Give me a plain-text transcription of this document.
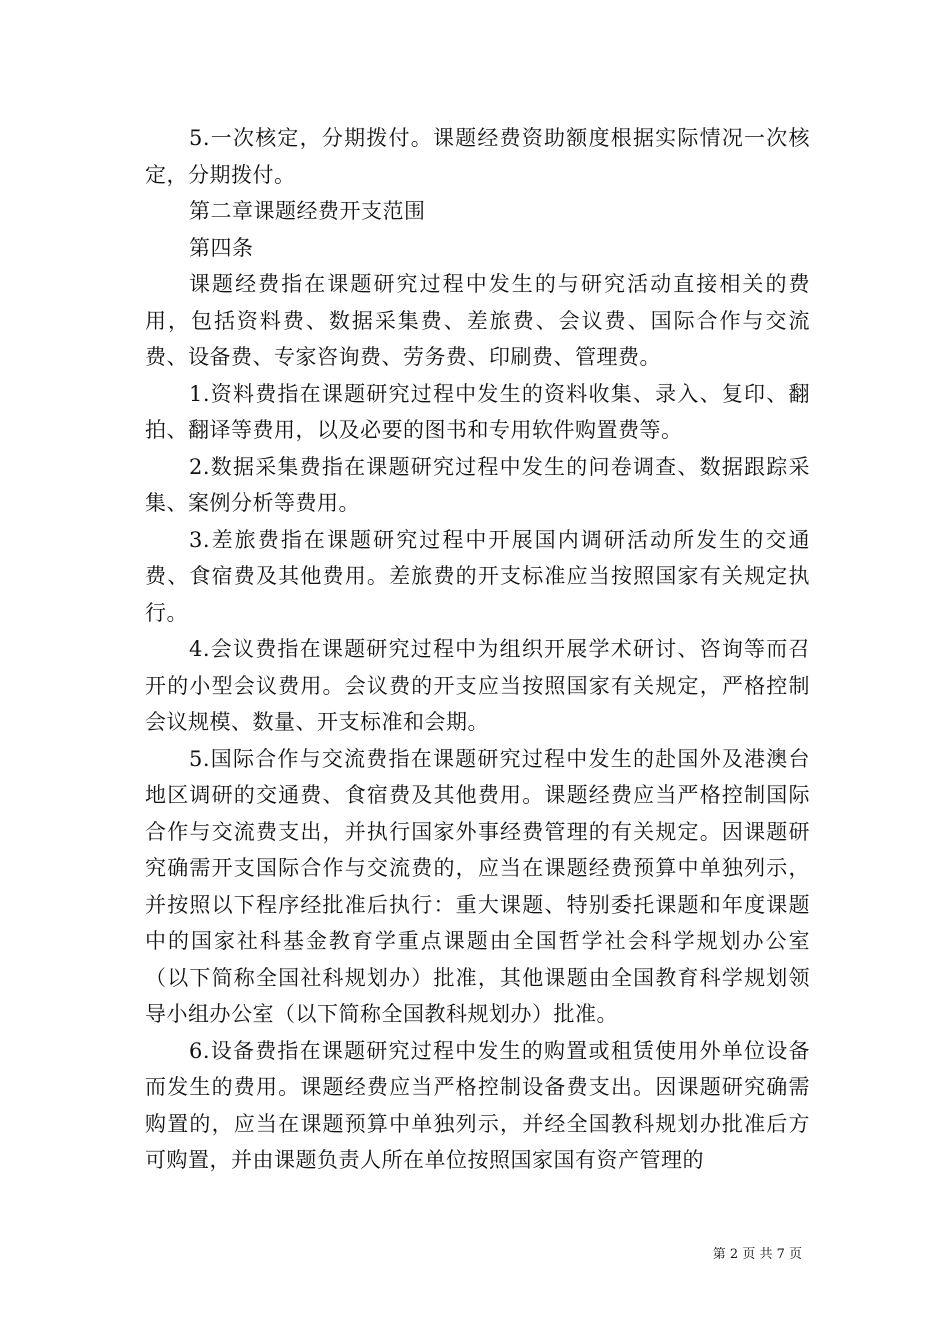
5.一次核定，分期拨付。课题经费资助额度根据实际情况一次核定，分期拨付。

第二章课题经费开支范围

第四条

课题经费指在课题研究过程中发生的与研究活动直接相关的费用，包括资料费、数据采集费、差旅费、会议费、国际合作与交流费、设备费、专家咨询费、劳务费、印刷费、管理费。

1.资料费指在课题研究过程中发生的资料收集、录入、复印、翻拍、翻译等费用，以及必要的图书和专用软件购置费等。

2.数据采集费指在课题研究过程中发生的问卷调查、数据跟踪采集、案例分析等费用。

3.差旅费指在课题研究过程中开展国内调研活动所发生的交通费、食宿费及其他费用。差旅费的开支标准应当按照国家有关规定执行。

4.会议费指在课题研究过程中为组织开展学术研讨、咨询等而召开的小型会议费用。会议费的开支应当按照国家有关规定，严格控制会议规模、数量、开支标准和会期。

5.国际合作与交流费指在课题研究过程中发生的赴国外及港澳台地区调研的交通费、食宿费及其他费用。课题经费应当严格控制国际合作与交流费支出，并执行国家外事经费管理的有关规定。因课题研究确需开支国际合作与交流费的，应当在课题经费预算中单独列示，并按照以下程序经批准后执行：重大课题、特别委托课题和年度课题中的国家社科基金教育学重点课题由全国哲学社会科学规划办公室（以下简称全国社科规划办）批准，其他课题由全国教育科学规划领导小组办公室（以下简称全国教科规划办）批准。

6.设备费指在课题研究过程中发生的购置或租赁使用外单位设备而发生的费用。课题经费应当严格控制设备费支出。因课题研究确需购置的，应当在课题预算中单独列示，并经全国教科规划办批准后方可购置，并由课题负责人所在单位按照国家国有资产管理的

第 2 页 共 7 页
